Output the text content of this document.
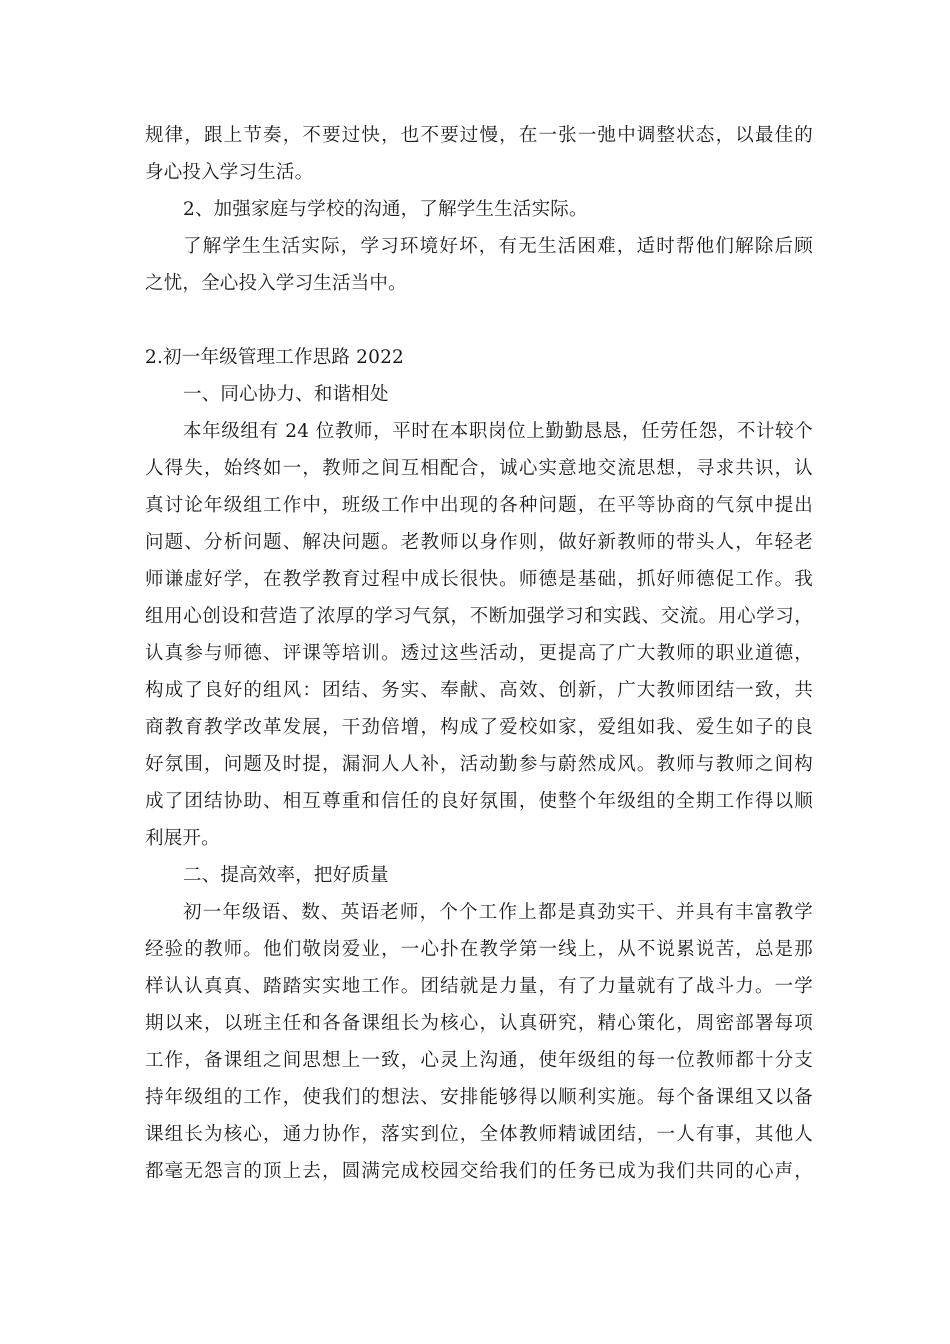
规律，跟上节奏，不要过快，也不要过慢，在一张一弛中调整状态，以最佳的
身心投入学习生活。
2、加强家庭与学校的沟通，了解学生生活实际。
了解学生生活实际，学习环境好坏，有无生活困难，适时帮他们解除后顾
之忧，全心投入学习生活当中。
2.初一年级管理工作思路 2022
一、同心协力、和谐相处
本年级组有 24 位教师，平时在本职岗位上勤勤恳恳，任劳任怨，不计较个
人得失，始终如一，教师之间互相配合，诚心实意地交流思想，寻求共识，认
真讨论年级组工作中，班级工作中出现的各种问题，在平等协商的气氛中提出
问题、分析问题、解决问题。老教师以身作则，做好新教师的带头人，年轻老
师谦虚好学，在教学教育过程中成长很快。师德是基础，抓好师德促工作。我
组用心创设和营造了浓厚的学习气氛，不断加强学习和实践、交流。用心学习，
认真参与师德、评课等培训。透过这些活动，更提高了广大教师的职业道德，
构成了良好的组风：团结、务实、奉献、高效、创新，广大教师团结一致，共
商教育教学改革发展，干劲倍增，构成了爱校如家，爱组如我、爱生如子的良
好氛围，问题及时提，漏洞人人补，活动勤参与蔚然成风。教师与教师之间构
成了团结协助、相互尊重和信任的良好氛围，使整个年级组的全期工作得以顺
利展开。
二、提高效率，把好质量
初一年级语、数、英语老师，个个工作上都是真劲实干、并具有丰富教学
经验的教师。他们敬岗爱业，一心扑在教学第一线上，从不说累说苦，总是那
样认认真真、踏踏实实地工作。团结就是力量，有了力量就有了战斗力。一学
期以来，以班主任和各备课组长为核心，认真研究，精心策化，周密部署每项
工作，备课组之间思想上一致，心灵上沟通，使年级组的每一位教师都十分支
持年级组的工作，使我们的想法、安排能够得以顺利实施。每个备课组又以备
课组长为核心，通力协作，落实到位，全体教师精诚团结，一人有事，其他人
都毫无怨言的顶上去，圆满完成校园交给我们的任务已成为我们共同的心声，
